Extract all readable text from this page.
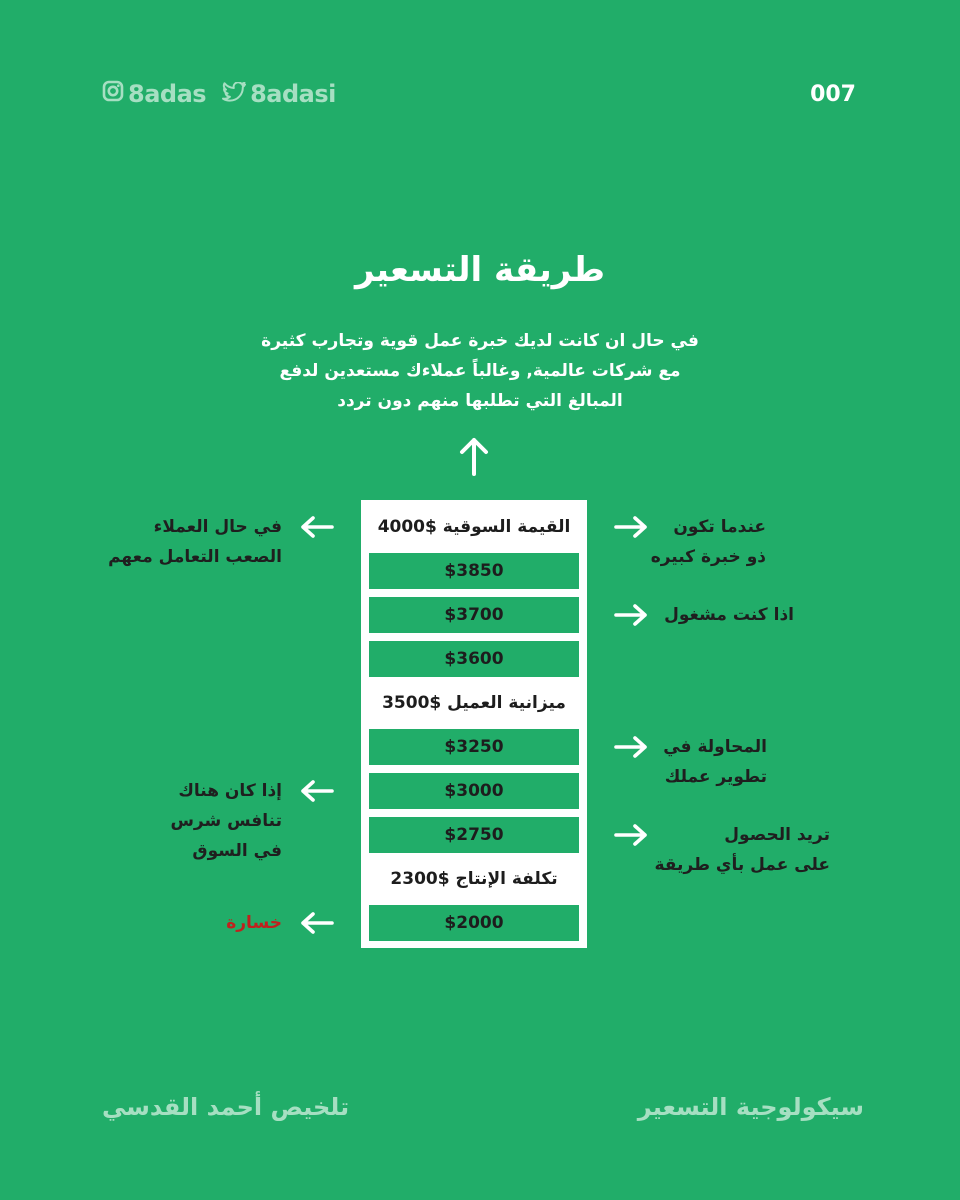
8adas 8adasi	007
طريقة التسعير
في حال ان كانت لديك خبرة عمل قوية وتجارب كثيرة
مع شركات عالمية, وغالباً عملاءك مستعدين لدفع
المبالغ التي تطلبها منهم دون تردد
القيمة السوقية $4000
$3850
$3700
$3600
ميزانية العميل $3500
$3250
$3000
$2750
تكلفة الإنتاج $2300
$2000
عندما تكون
ذو خبرة كبيره
اذا كنت مشغول
المحاولة في
تطوير عملك
تريد الحصول
على عمل بأي طريقة
في حال العملاء
الصعب التعامل معهم
إذا كان هناك
تنافس شرس
في السوق
خسارة
تلخيص أحمد القدسي	سيكولوجية التسعير
